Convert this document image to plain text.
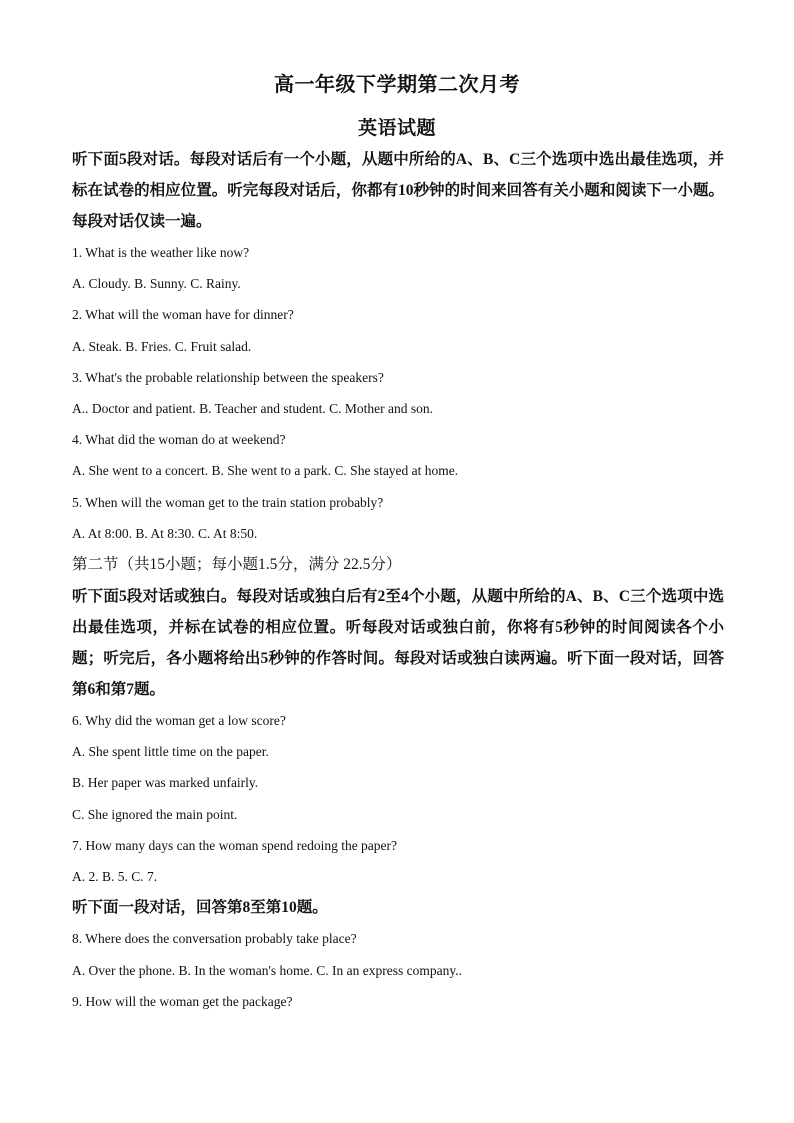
高一年级下学期第二次月考
英语试题
听下面5段对话。每段对话后有一个小题，从题中所给的A、B、C三个选项中选出最佳选项，并标在试卷的相应位置。听完每段对话后，你都有10秒钟的时间来回答有关小题和阅读下一小题。每段对话仅读一遍。
1. What is the weather like now?
A. Cloudy. B. Sunny. C. Rainy.
2. What will the woman have for dinner?
A. Steak. B. Fries. C. Fruit salad.
3. What's the probable relationship between the speakers?
A.. Doctor and patient. B. Teacher and student. C. Mother and son.
4. What did the woman do at weekend?
A. She went to a concert. B. She went to a park. C. She stayed at home.
5. When will the woman get to the train station probably?
A. At 8:00. B. At 8:30. C. At 8:50.
第二节（共15小题；每小题1.5分，满分 22.5分）
听下面5段对话或独白。每段对话或独白后有2至4个小题，从题中所给的A、B、C三个选项中选出最佳选项，并标在试卷的相应位置。听每段对话或独白前，你将有5秒钟的时间阅读各个小题；听完后，各小题将给出5秒钟的作答时间。每段对话或独白读两遍。听下面一段对话，回答第6和第7题。
6. Why did the woman get a low score?
A. She spent little time on the paper.
B. Her paper was marked unfairly.
C. She ignored the main point.
7. How many days can the woman spend redoing the paper?
A. 2. B. 5. C. 7.
听下面一段对话，回答第8至第10题。
8. Where does the conversation probably take place?
A. Over the phone. B. In the woman's home. C. In an express company..
9. How will the woman get the package?
